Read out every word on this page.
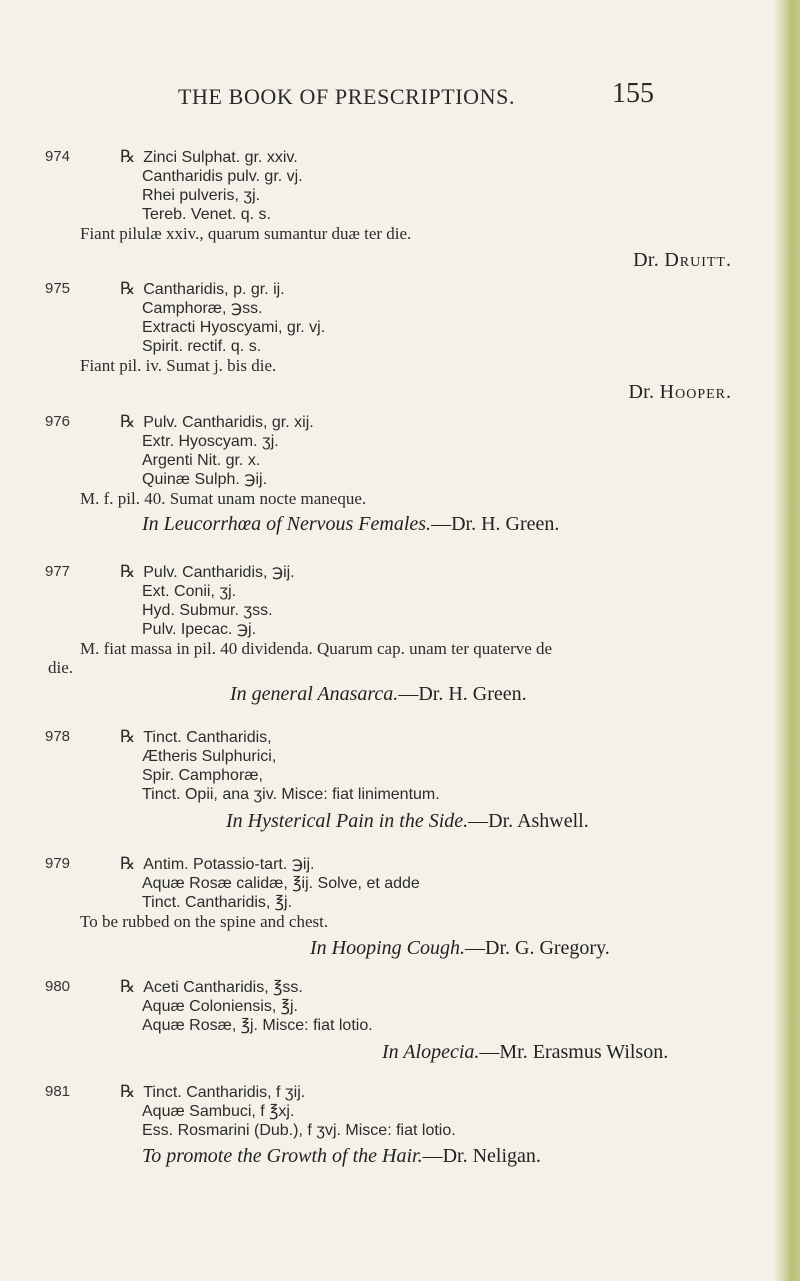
THE BOOK OF PRESCRIPTIONS.	155
974	℞ Zinci Sulphat. gr. xxiv.
Cantharidis pulv. gr. vj.
Rhei pulveris, ʒj.
Tereb. Venet. q. s.
Fiant pilulæ xxiv., quarum sumantur duæ ter die.
Dr. Druitt.
975	℞ Cantharidis, p. gr. ij.
Camphoræ, ℈ss.
Extracti Hyoscyami, gr. vj.
Spirit. rectif. q. s.
Fiant pil. iv. Sumat j. bis die.
Dr. Hooper.
976	℞ Pulv. Cantharidis, gr. xij.
Extr. Hyoscyam. ʒj.
Argenti Nit. gr. x.
Quinæ Sulph. ℈ij.
M. f. pil. 40. Sumat unam nocte maneque.
In Leucorrhœa of Nervous Females.—Dr. H. Green.
977	℞ Pulv. Cantharidis, ℈ij.
Ext. Conii, ʒj.
Hyd. Submur. ʒss.
Pulv. Ipecac. ℈j.
M. fiat massa in pil. 40 dividenda. Quarum cap. unam ter quaterve de
die.
In general Anasarca.—Dr. H. Green.
978	℞ Tinct. Cantharidis,
Ætheris Sulphurici,
Spir. Camphoræ,
Tinct. Opii, ana ʒiv. Misce: fiat linimentum.
In Hysterical Pain in the Side.—Dr. Ashwell.
979	℞ Antim. Potassio-tart. ℈ij.
Aquæ Rosæ calidæ, ℥ij. Solve, et adde
Tinct. Cantharidis, ℥j.
To be rubbed on the spine and chest.
In Hooping Cough.—Dr. G. Gregory.
980	℞ Aceti Cantharidis, ℥ss.
Aquæ Coloniensis, ℥j.
Aquæ Rosæ, ℥j. Misce: fiat lotio.
In Alopecia.—Mr. Erasmus Wilson.
981	℞ Tinct. Cantharidis, f ʒij.
Aquæ Sambuci, f ℥xj.
Ess. Rosmarini (Dub.), f ʒvj. Misce: fiat lotio.
To promote the Growth of the Hair.—Dr. Neligan.
